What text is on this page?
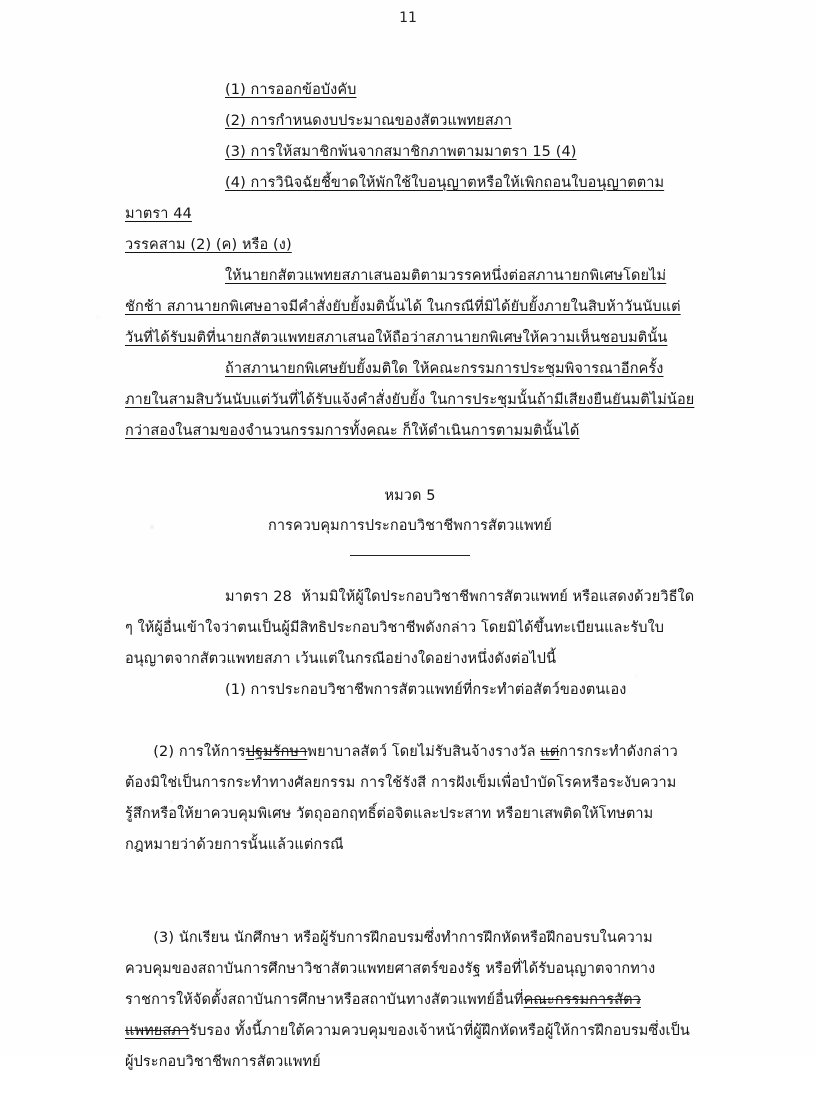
11
(1) การออกข้อบังคับ
(2) การกำหนดงบประมาณของสัตวแพทยสภา
(3) การให้สมาชิกพ้นจากสมาชิกภาพตามมาตรา 15 (4)
(4) การวินิจฉัยชี้ขาดให้พักใช้ใบอนุญาตหรือให้เพิกถอนใบอนุญาตตามมาตรา 44
วรรคสาม (2) (ค) หรือ (ง)
ให้นายกสัตวแพทยสภาเสนอมติตามวรรคหนึ่งต่อสภานายกพิเศษโดยไม่ชักช้า สภานายกพิเศษอาจมีคำสั่งยับยั้งมตินั้นได้ ในกรณีที่มิได้ยับยั้งภายในสิบห้าวันนับแต่วันที่ได้รับมติที่นายกสัตวแพทยสภาเสนอให้ถือว่าสภานายกพิเศษให้ความเห็นชอบมตินั้น
ถ้าสภานายกพิเศษยับยั้งมติใด ให้คณะกรรมการประชุมพิจารณาอีกครั้งภายในสามสิบวันนับแต่วันที่ได้รับแจ้งคำสั่งยับยั้ง ในการประชุมนั้นถ้ามีเสียงยืนยันมติไม่น้อยกว่าสองในสามของจำนวนกรรมการทั้งคณะ ก็ให้ดำเนินการตามมตินั้นได้
หมวด 5
การควบคุมการประกอบวิชาชีพการสัตวแพทย์
มาตรา 28  ห้ามมิให้ผู้ใดประกอบวิชาชีพการสัตวแพทย์ หรือแสดงด้วยวิธีใด ๆ ให้ผู้อื่นเข้าใจว่าตนเป็นผู้มีสิทธิประกอบวิชาชีพดังกล่าว โดยมิได้ขึ้นทะเบียนและรับใบอนุญาตจากสัตวแพทยสภา เว้นแต่ในกรณีอย่างใดอย่างหนึ่งดังต่อไปนี้
(1) การประกอบวิชาชีพการสัตวแพทย์ที่กระทำต่อสัตว์ของตนเอง

(2) การให้การปฐมรักษาพยาบาลสัตว์ โดยไม่รับสินจ้างรางวัล แต่การกระทำดังกล่าวต้องมิใช่เป็นการกระทำทางศัลยกรรม การใช้รังสี การฝังเข็มเพื่อบำบัดโรคหรือระงับความรู้สึกหรือให้ยาควบคุมพิเศษ วัตถุออกฤทธิ์ต่อจิตและประสาท หรือยาเสพติดให้โทษตามกฎหมายว่าด้วยการนั้นแล้วแต่กรณี

(3) นักเรียน นักศึกษา หรือผู้รับการฝึกอบรมซึ่งทำการฝึกหัดหรือฝึกอบรบในความควบคุมของสถาบันการศึกษาวิชาสัตวแพทยศาสตร์ของรัฐ หรือที่ได้รับอนุญาตจากทางราชการให้จัดตั้งสถาบันการศึกษาหรือสถาบันทางสัตวแพทย์อื่นที่คณะกรรมการสัตวแพทยสภารับรอง ทั้งนี้ภายใต้ความควบคุมของเจ้าหน้าที่ผู้ฝึกหัดหรือผู้ให้การฝึกอบรมซึ่งเป็นผู้ประกอบวิชาชีพการสัตวแพทย์
